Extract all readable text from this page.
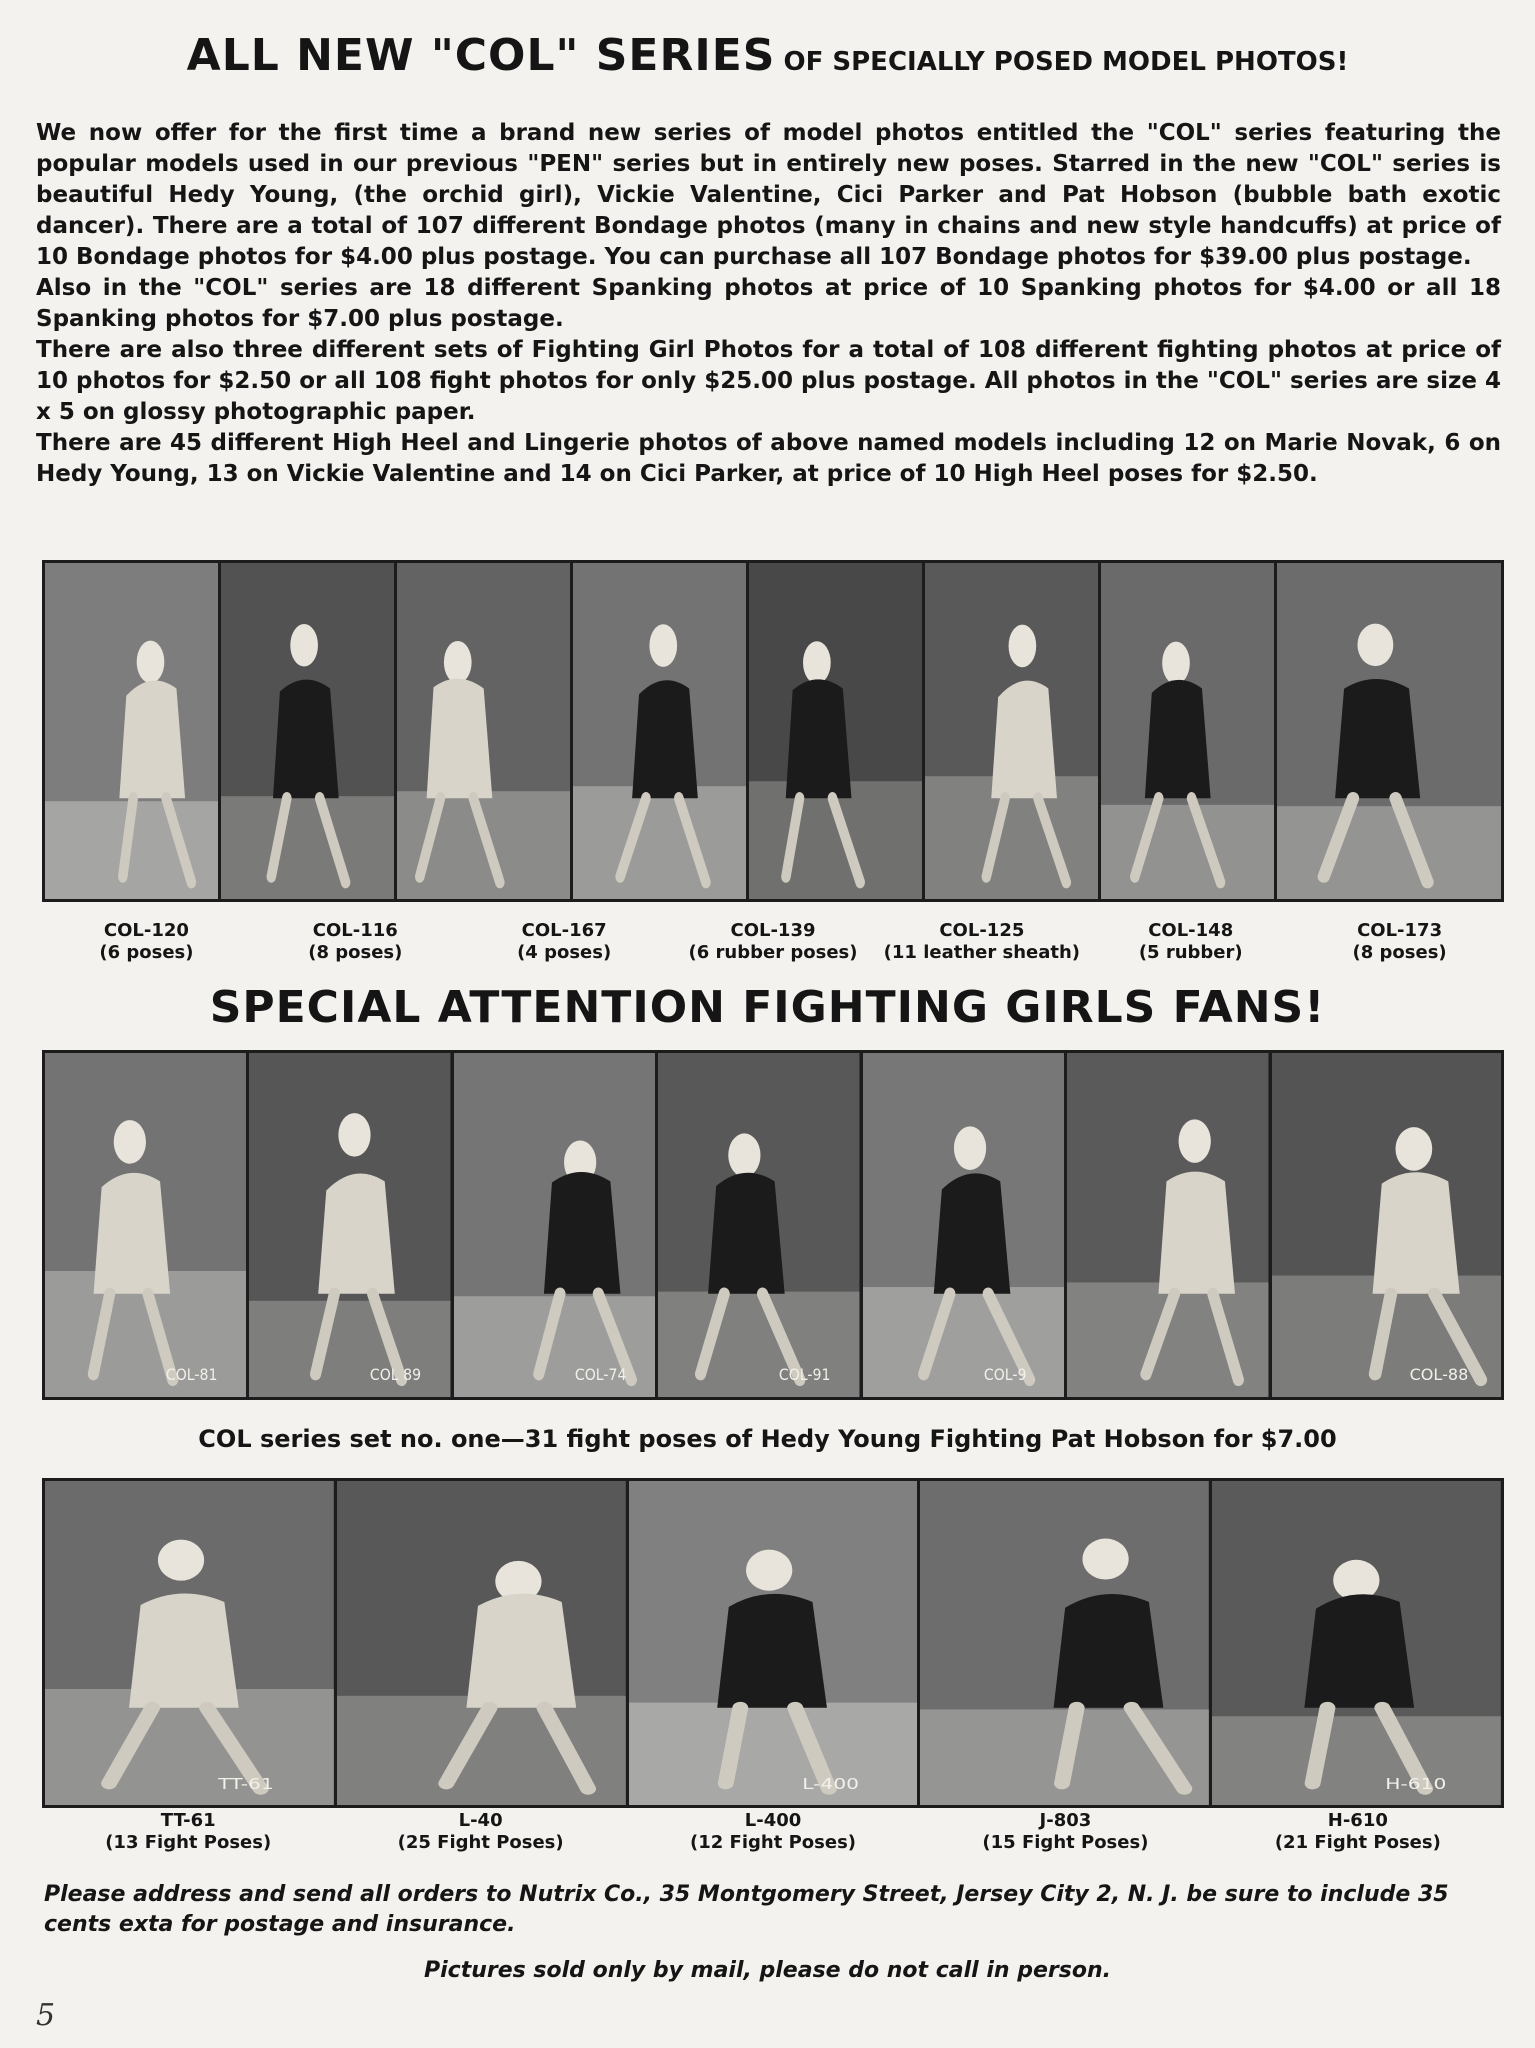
ALL NEW "COL" SERIES OF SPECIALLY POSED MODEL PHOTOS!

We now offer for the first time a brand new series of model photos entitled the "COL" series featuring the popular models used in our previous "PEN" series but in entirely new poses. Starred in the new "COL" series is beautiful Hedy Young, (the orchid girl), Vickie Valentine, Cici Parker and Pat Hobson (bubble bath exotic dancer). There are a total of 107 different Bondage photos (many in chains and new style handcuffs) at price of 10 Bondage photos for $4.00 plus postage. You can purchase all 107 Bondage photos for $39.00 plus postage.

Also in the "COL" series are 18 different Spanking photos at price of 10 Spanking photos for $4.00 or all 18 Spanking photos for $7.00 plus postage.

There are also three different sets of Fighting Girl Photos for a total of 108 different fighting photos at price of 10 photos for $2.50 or all 108 fight photos for only $25.00 plus postage. All photos in the "COL" series are size 4 x 5 on glossy photographic paper.

There are 45 different High Heel and Lingerie photos of above named models including 12 on Marie Novak, 6 on Hedy Young, 13 on Vickie Valentine and 14 on Cici Parker, at price of 10 High Heel poses for $2.50.

COL-120
(6 poses)
COL-116
(8 poses)
COL-167
(4 poses)
COL-139
(6 rubber poses)
COL-125
(11 leather sheath)
COL-148
(5 rubber)
COL-173
(8 poses)
SPECIAL ATTENTION FIGHTING GIRLS FANS!
COL-81	COL 89	COL-74	COL-91	COL-9	COL-88
COL series set no. one—31 fight poses of Hedy Young Fighting Pat Hobson for $7.00
TT-61	L-400	H-610
TT-61
(13 Fight Poses)
L-40
(25 Fight Poses)
L-400
(12 Fight Poses)
J-803
(15 Fight Poses)
H-610
(21 Fight Poses)
Please address and send all orders to Nutrix Co., 35 Montgomery Street, Jersey City 2, N. J. be sure to include 35 cents exta for postage and insurance.
Pictures sold only by mail, please do not call in person.
5
